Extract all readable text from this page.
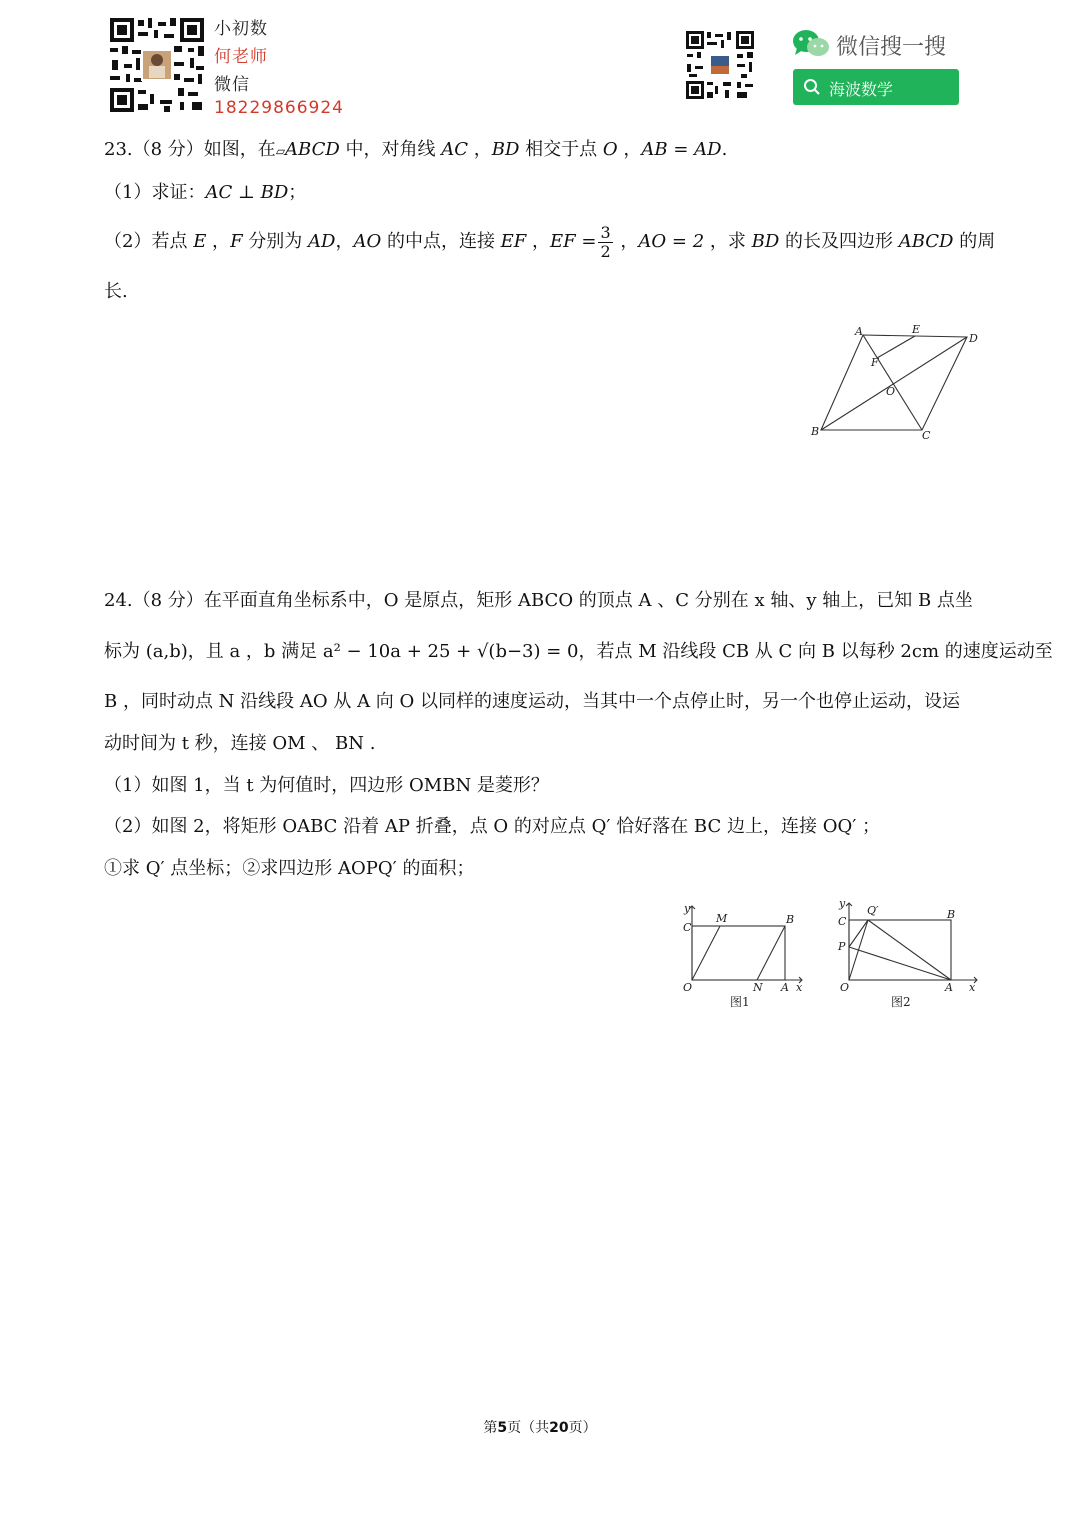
小初数
何老师
微信
18229866924
微信搜一搜
海波数学
23.（8 分）如图，在▱ABCD 中，对角线 AC ，BD 相交于点 O ，AB = AD.
（1）求证：AC ⊥ BD；
（2）若点 E ，F 分别为 AD，AO 的中点，连接 EF ，EF = $\frac{3}{2}$ ，AO = 2 ，求 BD 的长及四边形 ABCD 的周
长.
A	E
D
F
O
B	C
24.（8 分）在平面直角坐标系中，O 是原点，矩形 ABCO 的顶点 A 、C 分别在 x 轴、y 轴上，已知 B 点坐
标为 (a,b)，且 a ，b 满足 a² − 10a + 25 + √(b−3) = 0，若点 M 沿线段 CB 从 C 向 B 以每秒 2cm 的速度运动至
B ，同时动点 N 沿线段 AO 从 A 向 O 以同样的速度运动，当其中一个点停止时，另一个也停止运动，设运
动时间为 t 秒，连接 OM 、 BN .
（1）如图 1，当 t 为何值时，四边形 OMBN 是菱形？
（2）如图 2，将矩形 OABC 沿着 AP 折叠，点 O 的对应点 Q′ 恰好落在 BC 边上，连接 OQ′ ；
①求 Q′ 点坐标；②求四边形 AOPQ′ 的面积；
y
C
M	B
O	N A x
图1
y
C
Q′	B
P
O	A x
图2
第5页（共20页）
